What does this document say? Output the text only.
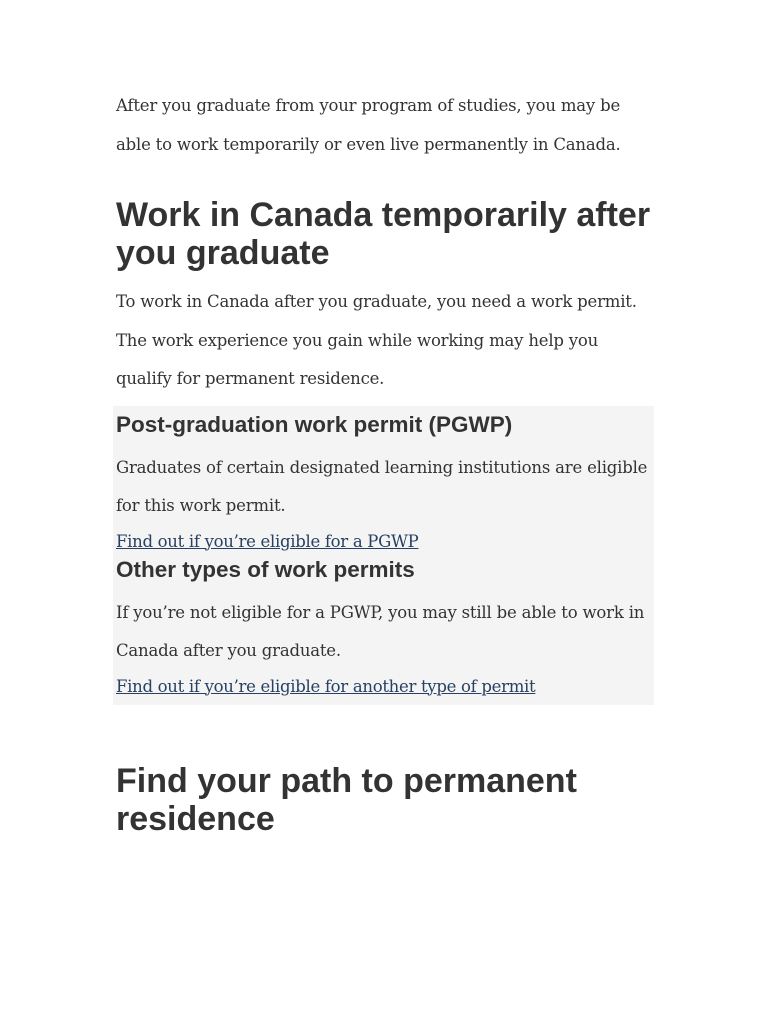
After you graduate from your program of studies, you may be able to work temporarily or even live permanently in Canada.

Work in Canada temporarily after you graduate

To work in Canada after you graduate, you need a work permit. The work experience you gain while working may help you qualify for permanent residence.

Post-graduation work permit (PGWP)

Graduates of certain designated learning institutions are eligible for this work permit.

Find out if you’re eligible for a PGWP
Other types of work permits

If you’re not eligible for a PGWP, you may still be able to work in Canada after you graduate.

Find out if you’re eligible for another type of permit
Find your path to permanent residence
